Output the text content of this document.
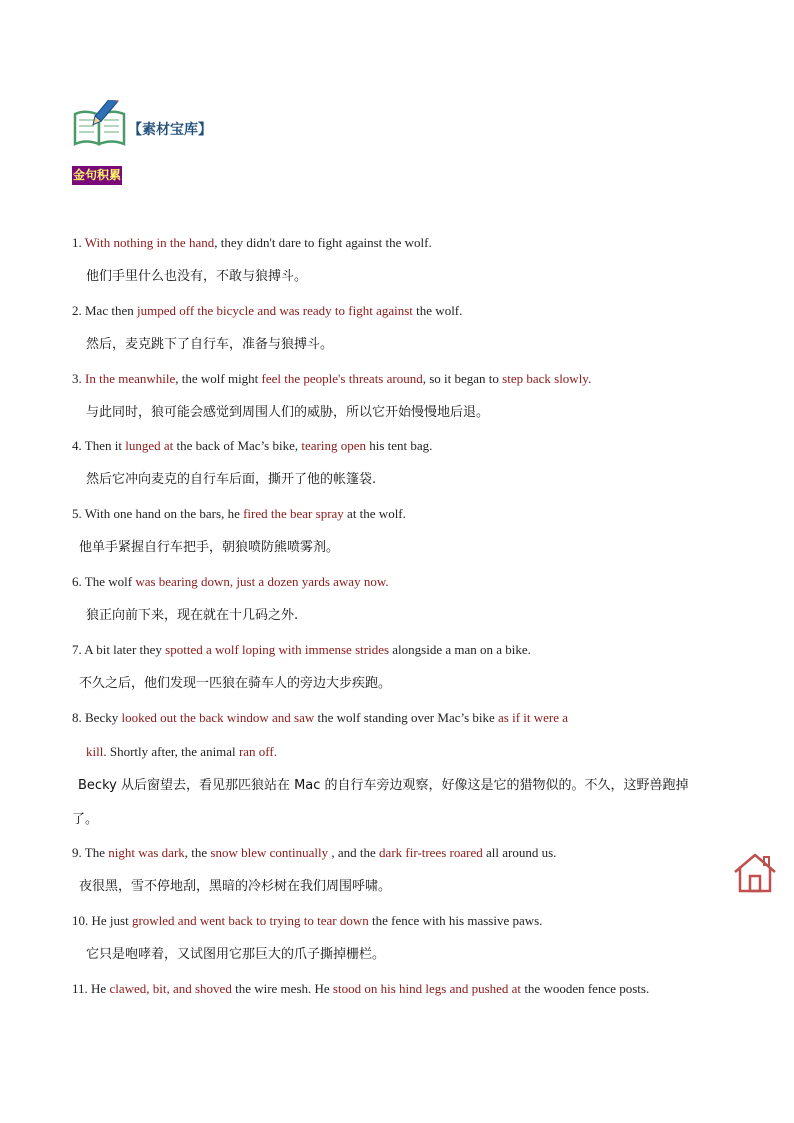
【素材宝库】
金句积累
1. With nothing in the hand, they didn't dare to fight against the wolf.
他们手里什么也没有，不敢与狼搏斗。
2. Mac then jumped off the bicycle and was ready to fight against the wolf.
然后，麦克跳下了自行车，准备与狼搏斗。
3. In the meanwhile, the wolf might feel the people's threats around, so it began to step back slowly.
与此同时，狼可能会感觉到周围人们的威胁，所以它开始慢慢地后退。
4. Then it lunged at the back of Mac’s bike, tearing open his tent bag.
然后它冲向麦克的自行车后面，撕开了他的帐篷袋.
5. With one hand on the bars, he fired the bear spray at the wolf.
他单手紧握自行车把手，朝狼喷防熊喷雾剂。
6. The wolf was bearing down, just a dozen yards away now.
狼正向前下来，现在就在十几码之外.
7. A bit later they spotted a wolf loping with immense strides alongside a man on a bike.
不久之后，他们发现一匹狼在骑车人的旁边大步疾跑。
8. Becky looked out the back window and saw the wolf standing over Mac’s bike as if it were a
kill. Shortly after, the animal ran off.
Becky 从后窗望去，看见那匹狼站在 Mac 的自行车旁边观察，好像这是它的猎物似的。不久，这野兽跑掉
了。
9. The night was dark, the snow blew continually , and the dark fir-trees roared all around us.
夜很黑，雪不停地刮，黑暗的冷杉树在我们周围呼啸。
10. He just growled and went back to trying to tear down the fence with his massive paws.
它只是咆哮着，又试图用它那巨大的爪子撕掉栅栏。
11. He clawed, bit, and shoved the wire mesh. He stood on his hind legs and pushed at the wooden fence posts.
